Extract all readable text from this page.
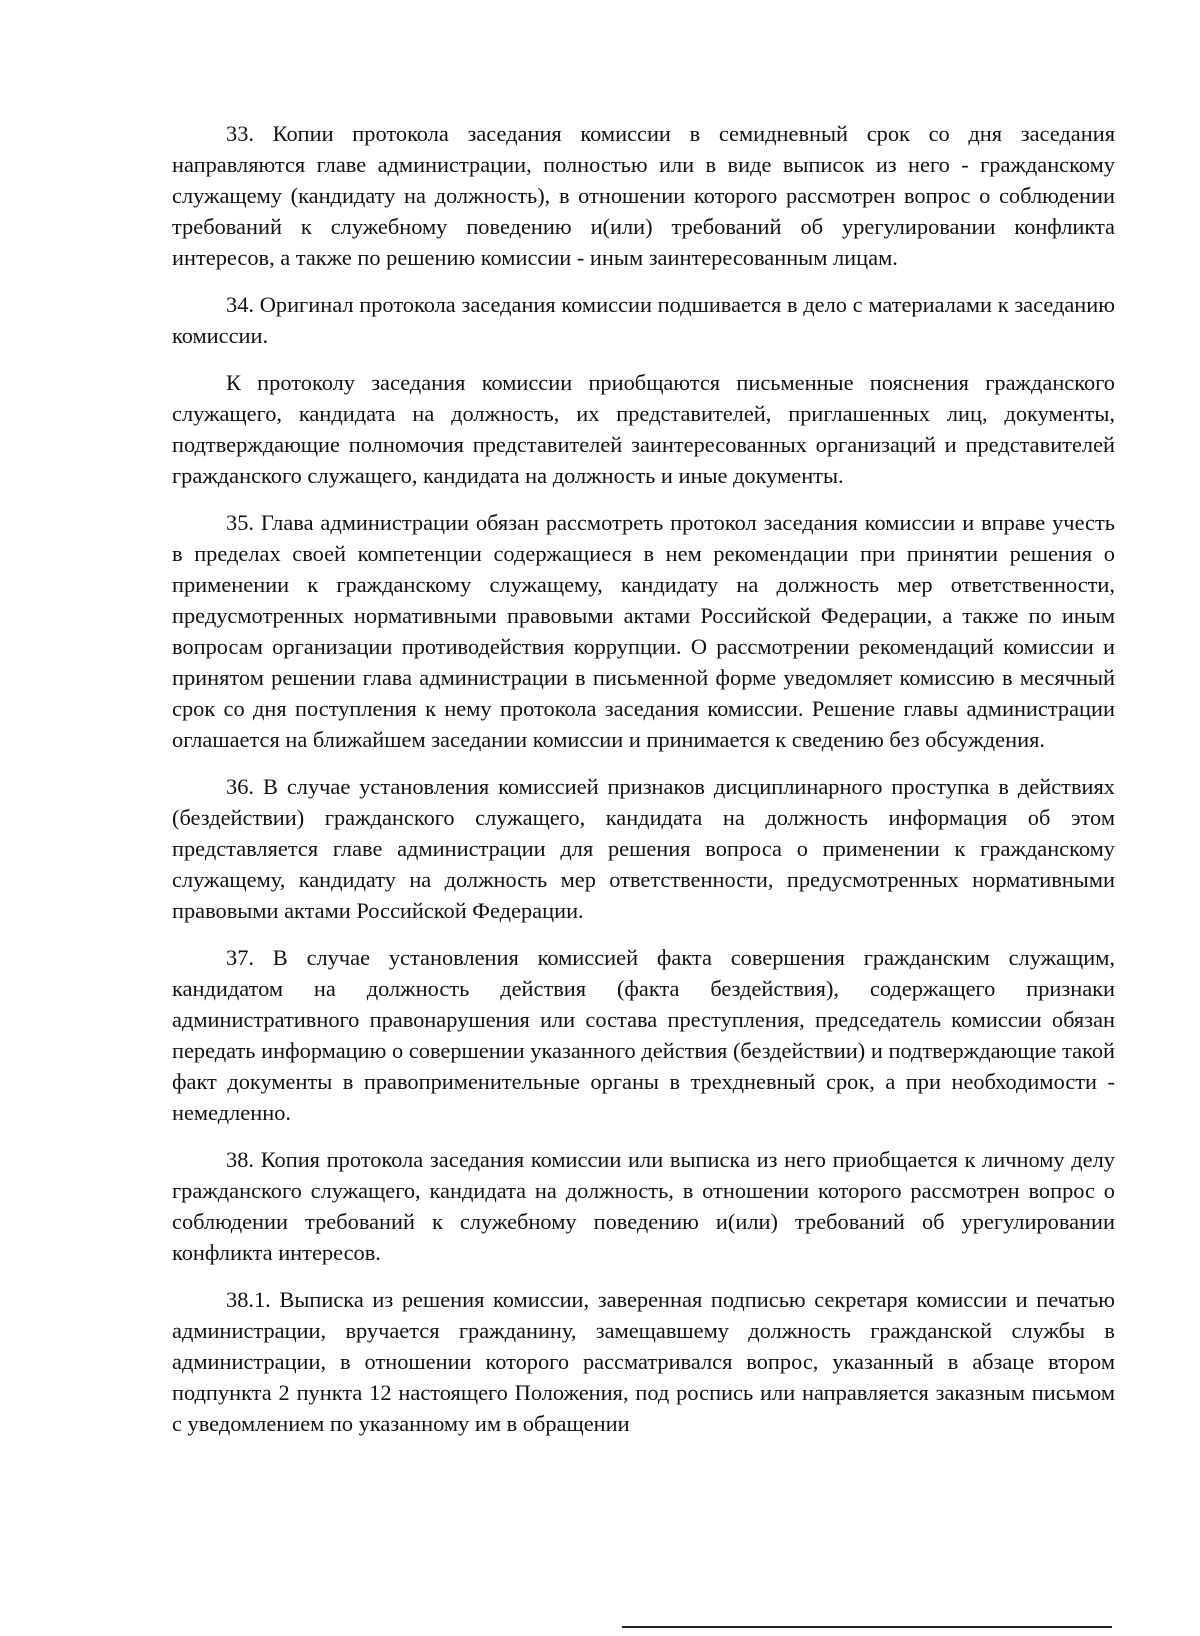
33. Копии протокола заседания комиссии в семидневный срок со дня заседания направляются главе администрации, полностью или в виде выписок из него - гражданскому служащему (кандидату на должность), в отношении которого рассмотрен вопрос о соблюдении требований к служебному поведению и(или) требований об урегулировании конфликта интересов, а также по решению комиссии - иным заинтересованным лицам.

34. Оригинал протокола заседания комиссии подшивается в дело с материалами к заседанию комиссии.

К протоколу заседания комиссии приобщаются письменные пояснения гражданского служащего, кандидата на должность, их представителей, приглашенных лиц, документы, подтверждающие полномочия представителей заинтересованных организаций и представителей гражданского служащего, кандидата на должность и иные документы.

35. Глава администрации обязан рассмотреть протокол заседания комиссии и вправе учесть в пределах своей компетенции содержащиеся в нем рекомендации при принятии решения о применении к гражданскому служащему, кандидату на должность мер ответственности, предусмотренных нормативными правовыми актами Российской Федерации, а также по иным вопросам организации противодействия коррупции. О рассмотрении рекомендаций комиссии и принятом решении глава администрации в письменной форме уведомляет комиссию в месячный срок со дня поступления к нему протокола заседания комиссии. Решение главы администрации оглашается на ближайшем заседании комиссии и принимается к сведению без обсуждения.

36. В случае установления комиссией признаков дисциплинарного проступка в действиях (бездействии) гражданского служащего, кандидата на должность информация об этом представляется главе администрации для решения вопроса о применении к гражданскому служащему, кандидату на должность мер ответственности, предусмотренных нормативными правовыми актами Российской Федерации.

37. В случае установления комиссией факта совершения гражданским служащим, кандидатом на должность действия (факта бездействия), содержащего признаки административного правонарушения или состава преступления, председатель комиссии обязан передать информацию о совершении указанного действия (бездействии) и подтверждающие такой факт документы в правоприменительные органы в трехдневный срок, а при необходимости - немедленно.

38. Копия протокола заседания комиссии или выписка из него приобщается к личному делу гражданского служащего, кандидата на должность, в отношении которого рассмотрен вопрос о соблюдении требований к служебному поведению и(или) требований об урегулировании конфликта интересов.

38.1. Выписка из решения комиссии, заверенная подписью секретаря комиссии и печатью администрации, вручается гражданину, замещавшему должность гражданской службы в администрации, в отношении которого рассматривался вопрос, указанный в абзаце втором подпункта 2 пункта 12 настоящего Положения, под роспись или направляется заказным письмом с уведомлением по указанному им в обращении
